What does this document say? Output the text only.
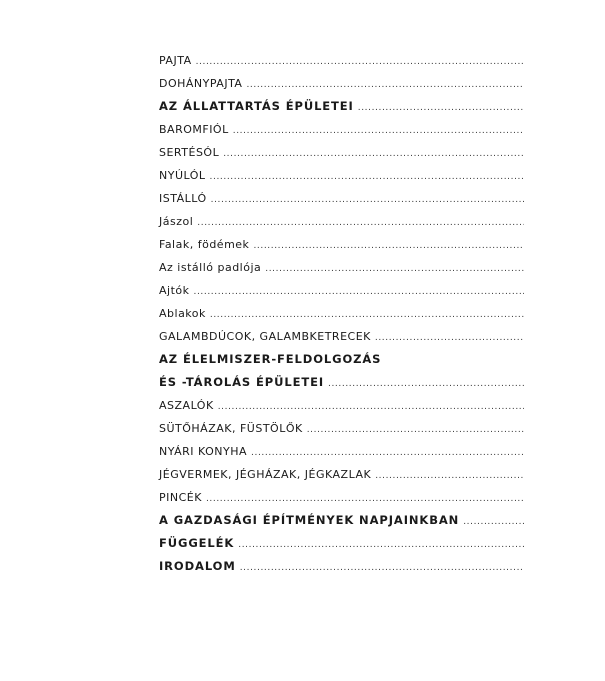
PAJTA
.....
DOHÁNYPAJTA
.....
AZ ÁLLATTARTÁS ÉPÜLETEI
.....
BAROMFIÓL
.....
SERTÉSÓL
.....
NYÚLÓL
.....
ISTÁLLÓ
.....
Jászol
.....
Falak, födémek
.....
Az istálló padlója
.....
Ajtók
.....
Ablakok
.....
GALAMBDÚCOK, GALAMBKETRECEK
.....
AZ ÉLELMISZER-FELDOLGOZÁS
ÉS -TÁROLÁS ÉPÜLETEI
.....
ASZALÓK
.....
SÜTŐHÁZAK, FÜSTÖLŐK
.....
NYÁRI KONYHA
.....
JÉGVERMEK, JÉGHÁZAK, JÉGKAZLAK
.....
PINCÉK
.....
A GAZDASÁGI ÉPÍTMÉNYEK NAPJAINKBAN
.....
FÜGGELÉK
.....
IRODALOM
.....
